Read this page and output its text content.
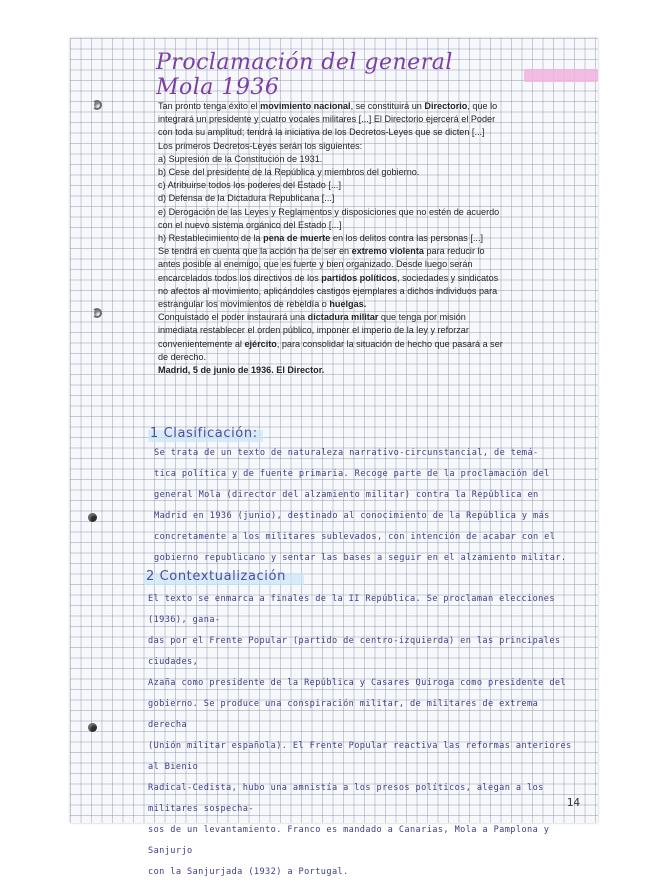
Proclamación del general Mola 1936

Tan pronto tenga éxito el movimiento nacional, se constituirá un Directorio, que lo

integrará un presidente y cuatro vocales militares [...] El Directorio ejercerá el Poder

con toda su amplitud; tendrá la iniciativa de los Decretos-Leyes que se dicten [...]

Los primeros Decretos-Leyes serán los siguientes:

a) Supresión de la Constitución de 1931.

b) Cese del presidente de la República y miembros del gobierno.

c) Atribuirse todos los poderes del Estado [...]

d) Defensa de la Dictadura Republicana [...]

e) Derogación de las Leyes y Reglamentos y disposiciones que no estén de acuerdo

con el nuevo sistema orgánico del Estado [...]

h) Restablecimiento de la pena de muerte en los delitos contra las personas [...]

Se tendrá en cuenta que la acción ha de ser en extremo violenta para reducir lo

antes posible al enemigo, que es fuerte y bien organizado. Desde luego serán

encarcelados todos los directivos de los partidos políticos, sociedades y sindicatos

no afectos al movimiento, aplicándoles castigos ejemplares a dichos individuos para

estrangular los movimientos de rebeldía o huelgas.

Conquistado el poder instaurará una dictadura militar que tenga por misión

inmediata restablecer el orden público, imponer el imperio de la ley y reforzar

convenientemente al ejército, para consolidar la situación de hecho que pasará a ser

de derecho.

Madrid, 5 de junio de 1936. El Director.

1 Clasificación:

Se trata de un texto de naturaleza narrativo-circunstancial, de temá-

tica política y de fuente primaria. Recoge parte de la proclamación del

general Mola (director del alzamiento militar) contra la República en

Madrid en 1936 (junio), destinado al conocimiento de la República y más

concretamente a los militares sublevados, con intención de acabar con el

gobierno republicano y sentar las bases a seguir en el alzamiento militar.

2 Contextualización

El texto se enmarca a finales de la II República. Se proclaman elecciones (1936), gana-

das por el Frente Popular (partido de centro-izquierda) en las principales ciudades,

Azaña como presidente de la República y Casares Quiroga como presidente del

gobierno. Se produce una conspiración militar, de militares de extrema derecha

(Unión militar española). El Frente Popular reactiva las reformas anteriores al Bienio

Radical-Cedista, hubo una amnistía a los presos políticos, alegan a los militares sospecha-

sos de un levantamiento. Franco es mandado a Canarias, Mola a Pamplona y Sanjurjo

con la Sanjurjada (1932) a Portugal.

14
